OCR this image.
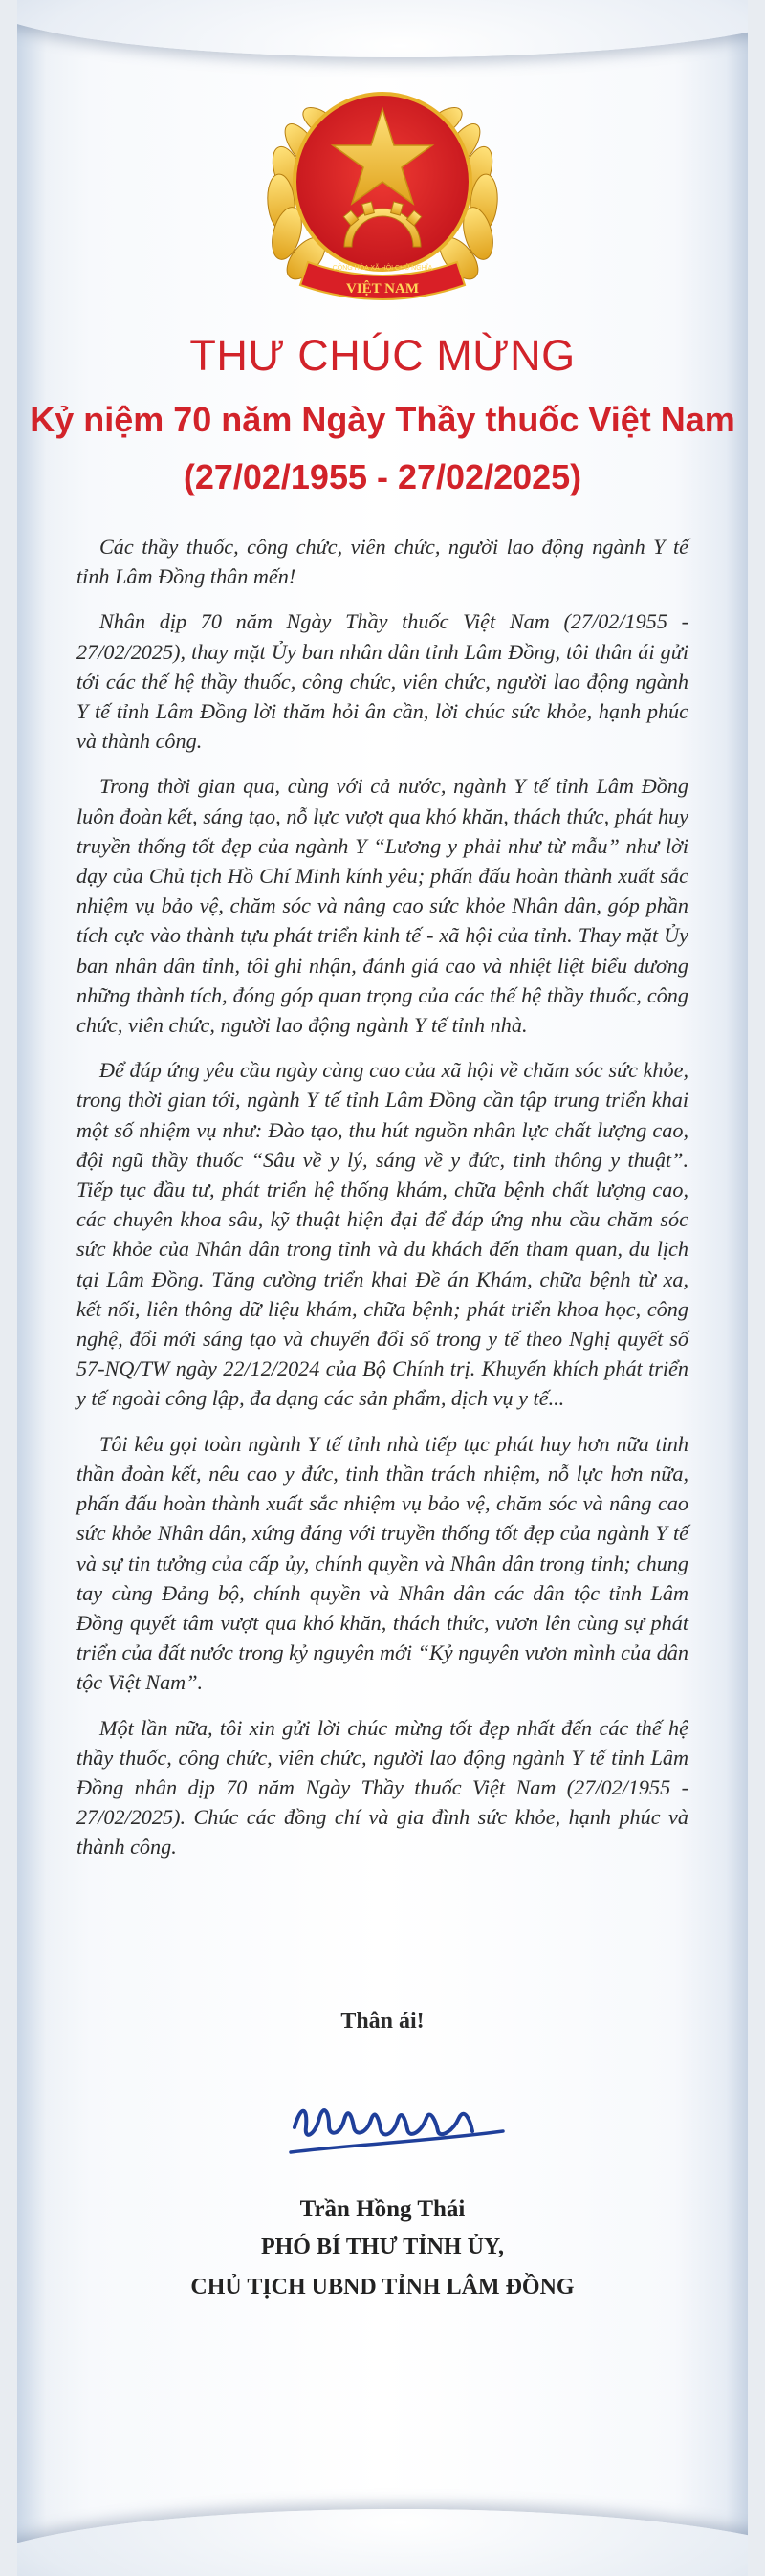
VIỆT NAM
CỘNG HÒA XÃ HỘI CHỦ NGHĨA
THƯ CHÚC MỪNG
Kỷ niệm 70 năm Ngày Thầy thuốc Việt Nam
(27/02/1955 - 27/02/2025)

Các thầy thuốc, công chức, viên chức, người lao động ngành Y tế tỉnh Lâm Đồng thân mến!

Nhân dịp 70 năm Ngày Thầy thuốc Việt Nam (27/02/1955 - 27/02/2025), thay mặt Ủy ban nhân dân tỉnh Lâm Đồng, tôi thân ái gửi tới các thế hệ thầy thuốc, công chức, viên chức, người lao động ngành Y tế tỉnh Lâm Đồng lời thăm hỏi ân cần, lời chúc sức khỏe, hạnh phúc và thành công.

Trong thời gian qua, cùng với cả nước, ngành Y tế tỉnh Lâm Đồng luôn đoàn kết, sáng tạo, nỗ lực vượt qua khó khăn, thách thức, phát huy truyền thống tốt đẹp của ngành Y “Lương y phải như từ mẫu” như lời dạy của Chủ tịch Hồ Chí Minh kính yêu; phấn đấu hoàn thành xuất sắc nhiệm vụ bảo vệ, chăm sóc và nâng cao sức khỏe Nhân dân, góp phần tích cực vào thành tựu phát triển kinh tế - xã hội của tỉnh. Thay mặt Ủy ban nhân dân tỉnh, tôi ghi nhận, đánh giá cao và nhiệt liệt biểu dương những thành tích, đóng góp quan trọng của các thế hệ thầy thuốc, công chức, viên chức, người lao động ngành Y tế tỉnh nhà.

Để đáp ứng yêu cầu ngày càng cao của xã hội về chăm sóc sức khỏe, trong thời gian tới, ngành Y tế tỉnh Lâm Đồng cần tập trung triển khai một số nhiệm vụ như: Đào tạo, thu hút nguồn nhân lực chất lượng cao, đội ngũ thầy thuốc “Sâu về y lý, sáng về y đức, tinh thông y thuật”. Tiếp tục đầu tư, phát triển hệ thống khám, chữa bệnh chất lượng cao, các chuyên khoa sâu, kỹ thuật hiện đại để đáp ứng nhu cầu chăm sóc sức khỏe của Nhân dân trong tỉnh và du khách đến tham quan, du lịch tại Lâm Đồng. Tăng cường triển khai Đề án Khám, chữa bệnh từ xa, kết nối, liên thông dữ liệu khám, chữa bệnh; phát triển khoa học, công nghệ, đổi mới sáng tạo và chuyển đổi số trong y tế theo Nghị quyết số 57-NQ/TW ngày 22/12/2024 của Bộ Chính trị. Khuyến khích phát triển y tế ngoài công lập, đa dạng các sản phẩm, dịch vụ y tế...

Tôi kêu gọi toàn ngành Y tế tỉnh nhà tiếp tục phát huy hơn nữa tinh thần đoàn kết, nêu cao y đức, tinh thần trách nhiệm, nỗ lực hơn nữa, phấn đấu hoàn thành xuất sắc nhiệm vụ bảo vệ, chăm sóc và nâng cao sức khỏe Nhân dân, xứng đáng với truyền thống tốt đẹp của ngành Y tế và sự tin tưởng của cấp ủy, chính quyền và Nhân dân trong tỉnh; chung tay cùng Đảng bộ, chính quyền và Nhân dân các dân tộc tỉnh Lâm Đồng quyết tâm vượt qua khó khăn, thách thức, vươn lên cùng sự phát triển của đất nước trong kỷ nguyên mới “Kỷ nguyên vươn mình của dân tộc Việt Nam”.

Một lần nữa, tôi xin gửi lời chúc mừng tốt đẹp nhất đến các thế hệ thầy thuốc, công chức, viên chức, người lao động ngành Y tế tỉnh Lâm Đồng nhân dịp 70 năm Ngày Thầy thuốc Việt Nam (27/02/1955 - 27/02/2025). Chúc các đồng chí và gia đình sức khỏe, hạnh phúc và thành công.

Thân ái!
Trần Hồng Thái
PHÓ BÍ THƯ TỈNH ỦY,
CHỦ TỊCH UBND TỈNH LÂM ĐỒNG
